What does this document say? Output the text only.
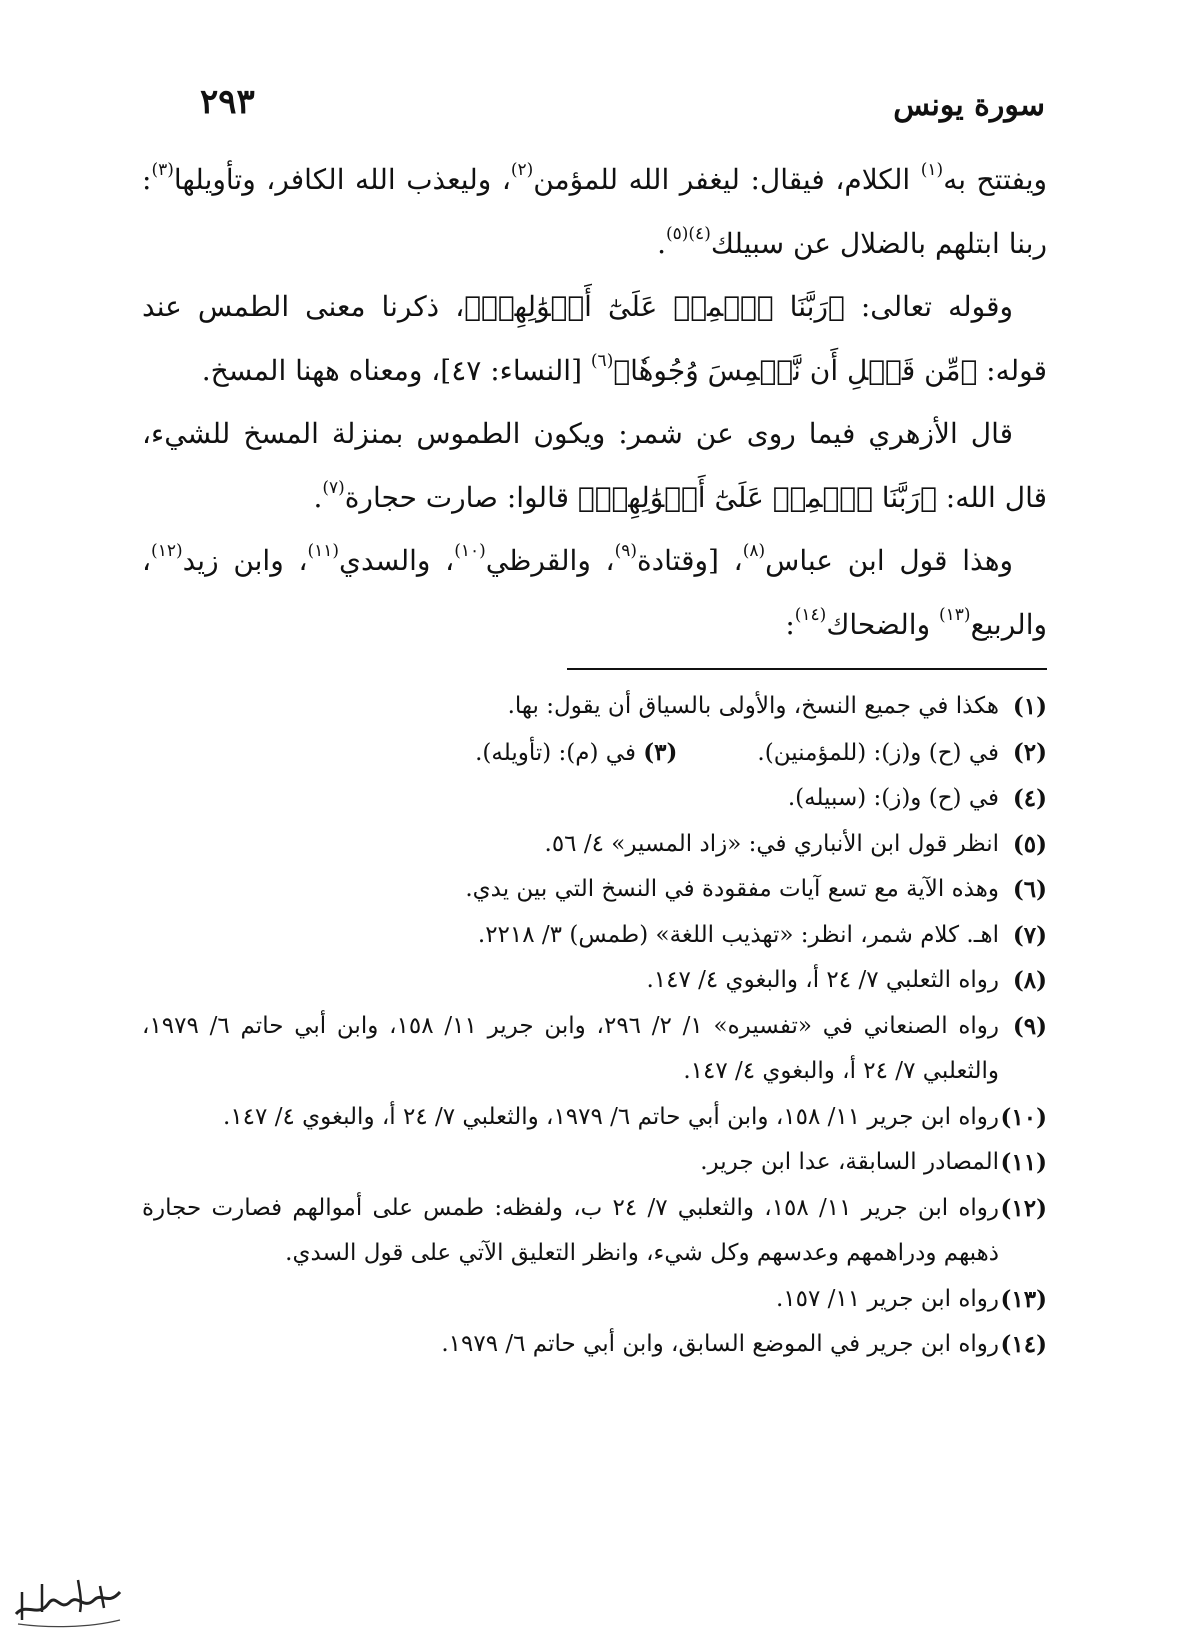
سورة يونس
٢٩٣

ويفتتح به$^{(١)}$ الكلام، فيقال: ليغفر الله للمؤمن$^{(٢)}$، وليعذب الله الكافر، وتأويلها$^{(٣)}$: ربنا ابتلهم بالضلال عن سبيلك$^{(٤)(٥)}$.

وقوله تعالى: ﴿رَبَّنَا ٱطۡمِسۡ عَلَىٰٓ أَمۡوَٰلِهِمۡ﴾، ذكرنا معنى الطمس عند قوله: ﴿مِّن قَبۡلِ أَن نَّطۡمِسَ وُجُوهٗا﴾$^{(٦)}$ [النساء: ٤٧]، ومعناه ههنا المسخ.

قال الأزهري فيما روى عن شمر: ويكون الطموس بمنزلة المسخ للشيء، قال الله: ﴿رَبَّنَا ٱطۡمِسۡ عَلَىٰٓ أَمۡوَٰلِهِمۡ﴾ قالوا: صارت حجارة$^{(٧)}$.

وهذا قول ابن عباس$^{(٨)}$، [وقتادة$^{(٩)}$، والقرظي$^{(١٠)}$، والسدي$^{(١١)}$، وابن زيد$^{(١٢)}$، والربيع$^{(١٣)}$ والضحاك$^{(١٤)}$:

(١)
هكذا في جميع النسخ، والأولى بالسياق أن يقول: بها.
(٢)
في (ح) و(ز): (للمؤمنين).(٣) في (م): (تأويله).
(٤)
في (ح) و(ز): (سبيله).
(٥)
انظر قول ابن الأنباري في: «زاد المسير» ٤/ ٥٦.
(٦)
وهذه الآية مع تسع آيات مفقودة في النسخ التي بين يدي.
(٧)
اهـ. كلام شمر، انظر: «تهذيب اللغة» (طمس) ٣/ ٢٢١٨.
(٨)
رواه الثعلبي ٧/ ٢٤ أ، والبغوي ٤/ ١٤٧.
(٩)
رواه الصنعاني في «تفسيره» ١/ ٢/ ٢٩٦، وابن جرير ١١/ ١٥٨، وابن أبي حاتم ٦/ ١٩٧٩، والثعلبي ٧/ ٢٤ أ، والبغوي ٤/ ١٤٧.
(١٠)
رواه ابن جرير ١١/ ١٥٨، وابن أبي حاتم ٦/ ١٩٧٩، والثعلبي ٧/ ٢٤ أ، والبغوي ٤/ ١٤٧.
(١١)
المصادر السابقة، عدا ابن جرير.
(١٢)
رواه ابن جرير ١١/ ١٥٨، والثعلبي ٧/ ٢٤ ب، ولفظه: طمس على أموالهم فصارت حجارة ذهبهم ودراهمهم وعدسهم وكل شيء، وانظر التعليق الآتي على قول السدي.
(١٣)
رواه ابن جرير ١١/ ١٥٧.
(١٤)
رواه ابن جرير في الموضع السابق، وابن أبي حاتم ٦/ ١٩٧٩.
